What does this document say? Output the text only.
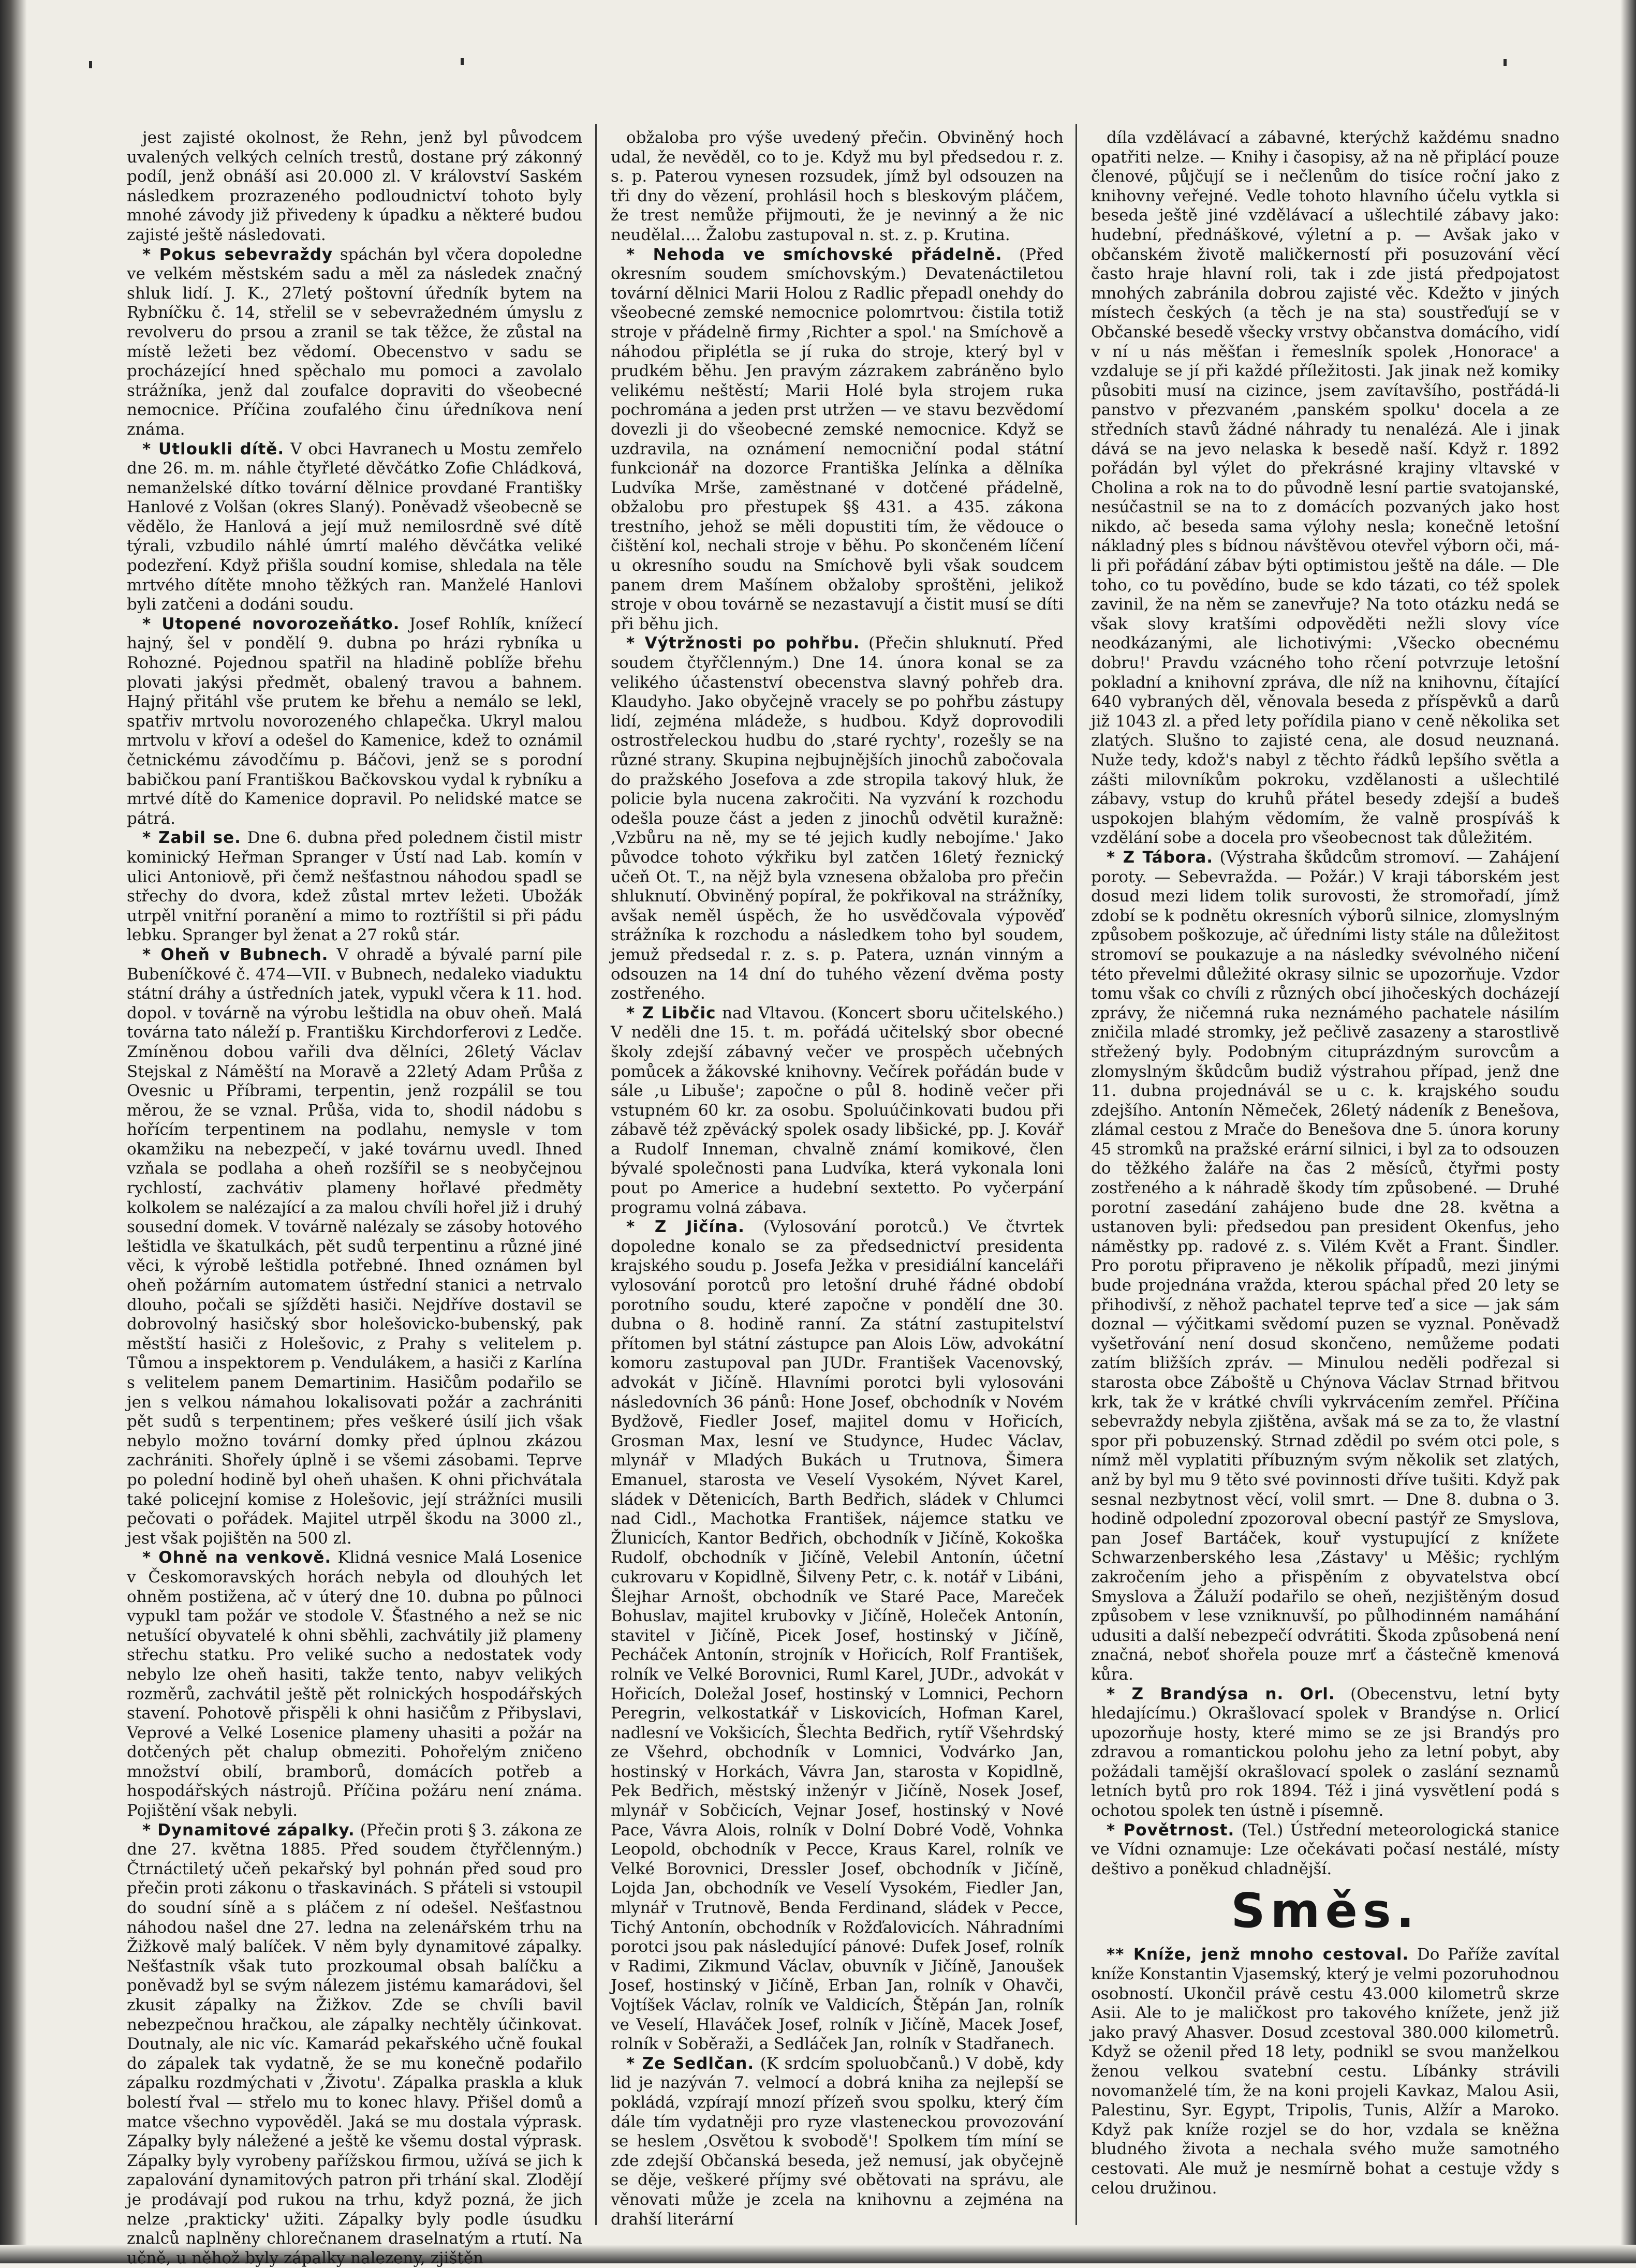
jest zajisté okolnost, že Rehn, jenž byl původcem uvalených velkých celních trestů, dostane prý zákonný podíl, jenž obnáší asi 20.000 zl. V království Saském následkem prozrazeného podloudnictví tohoto byly mnohé závody již přivedeny k úpadku a některé budou zajisté ještě následovati.

* Pokus sebevraždy spáchán byl včera dopoledne ve velkém městském sadu a měl za následek značný shluk lidí. J. K., 27letý poštovní úředník bytem na Rybníčku č. 14, střelil se v sebevražedném úmyslu z revolveru do prsou a zranil se tak těžce, že zůstal na místě ležeti bez vědomí. Obecenstvo v sadu se procházející hned spěchalo mu pomoci a zavolalo strážníka, jenž dal zoufalce dopraviti do všeobecné nemocnice. Příčina zoufalého činu úředníkova není známa.

* Utloukli dítě. V obci Havranech u Mostu zemřelo dne 26. m. m. náhle čtyřleté děvčátko Zofie Chládková, nemanželské dítko tovární dělnice provdané Františky Hanlové z Volšan (okres Slaný). Poněvadž všeobecně se vědělo, že Hanlová a její muž nemilosrdně své dítě týrali, vzbudilo náhlé úmrtí malého děvčátka veliké podezření. Když přišla soudní komise, shledala na těle mrtvého dítěte mnoho těžkých ran. Manželé Hanlovi byli zatčeni a dodáni soudu.

* Utopené novorozeňátko. Josef Rohlík, knížecí hajný, šel v pondělí 9. dubna po hrázi rybníka u Rohozné. Pojednou spatřil na hladině poblíže břehu plovati jakýsi předmět, obalený travou a bahnem. Hajný přitáhl vše prutem ke břehu a nemálo se lekl, spatřiv mrtvolu novorozeného chlapečka. Ukryl malou mrtvolu v křoví a odešel do Kamenice, kdež to oznámil četnickému závodčímu p. Báčovi, jenž se s porodní babičkou paní Františkou Bačkovskou vydal k rybníku a mrtvé dítě do Kamenice dopravil. Po nelidské matce se pátrá.

* Zabil se. Dne 6. dubna před polednem čistil mistr kominický Heřman Spranger v Ústí nad Lab. komín v ulici Antoniově, při čemž nešťastnou náhodou spadl se střechy do dvora, kdež zůstal mrtev ležeti. Ubožák utrpěl vnitřní poranění a mimo to roztříštil si při pádu lebku. Spranger byl ženat a 27 roků stár.

* Oheň v Bubnech. V ohradě a bývalé parní pile Bubeníčkové č. 474—VII. v Bubnech, nedaleko viaduktu státní dráhy a ústředních jatek, vypukl včera k 11. hod. dopol. v továrně na výrobu leštidla na obuv oheň. Malá továrna tato náleží p. Františku Kirchdorferovi z Ledče. Zmíněnou dobou vařili dva dělníci, 26letý Václav Stejskal z Náměští na Moravě a 22letý Adam Průša z Ovesnic u Příbrami, terpentin, jenž rozpálil se tou měrou, že se vznal. Průša, vida to, shodil nádobu s hořícím terpentinem na podlahu, nemysle v tom okamžiku na nebezpečí, v jaké továrnu uvedl. Ihned vzňala se podlaha a oheň rozšířil se s neobyčejnou rychlostí, zachvátiv plameny hořlavé předměty kolkolem se nalézající a za malou chvíli hořel již i druhý sousední domek. V továrně nalézaly se zásoby hotového leštidla ve škatulkách, pět sudů terpentinu a různé jiné věci, k výrobě leštidla potřebné. Ihned oznámen byl oheň požárním automatem ústřední stanici a netrvalo dlouho, počali se sjížděti hasiči. Nejdříve dostavil se dobrovolný hasičský sbor holešovicko-bubenský, pak městští hasiči z Holešovic, z Prahy s velitelem p. Tůmou a inspektorem p. Vendulákem, a hasiči z Karlína s velitelem panem Demartinim. Hasičům podařilo se jen s velkou námahou lokalisovati požár a zachrániti pět sudů s terpentinem; přes veškeré úsilí jich však nebylo možno tovární domky před úplnou zkázou zachrániti. Shořely úplně i se všemi zásobami. Teprve po polední hodině byl oheň uhašen. K ohni přichvátala také policejní komise z Holešovic, její strážníci musili pečovati o pořádek. Majitel utrpěl škodu na 3000 zl., jest však pojištěn na 500 zl.

* Ohně na venkově. Klidná vesnice Malá Losenice v Českomoravských horách nebyla od dlouhých let ohněm postižena, ač v úterý dne 10. dubna po půlnoci vypukl tam požár ve stodole V. Šťastného a než se nic netušící obyvatelé k ohni sběhli, zachvátily již plameny střechu statku. Pro veliké sucho a nedostatek vody nebylo lze oheň hasiti, takže tento, nabyv velikých rozměrů, zachvátil ještě pět rolnických hospodářských stavení. Pohotově přispěli k ohni hasičům z Přibyslavi, Veprové a Velké Losenice plameny uhasiti a požár na dotčených pět chalup obmeziti. Pohořelým zničeno množství obilí, bramborů, domácích potřeb a hospodářských nástrojů. Příčina požáru není známa. Pojištění však nebyli.

* Dynamitové zápalky. (Přečin proti § 3. zákona ze dne 27. května 1885. Před soudem čtyřčlenným.) Čtrnáctiletý učeň pekařský byl pohnán před soud pro přečin proti zákonu o třaskavinách. S přáteli si vstoupil do soudní síně a s pláčem z ní odešel. Nešťastnou náhodou našel dne 27. ledna na zelenářském trhu na Žižkově malý balíček. V něm byly dynamitové zápalky. Nešťastník však tuto prozkoumal obsah balíčku a poněvadž byl se svým nálezem jistému kamarádovi, šel zkusit zápalky na Žižkov. Zde se chvíli bavil nebezpečnou hračkou, ale zápalky nechtěly účinkovat. Doutnaly, ale nic víc. Kamarád pekařského učně foukal do zápalek tak vydatně, že se mu konečně podařilo zápalku rozdmýchati v ,Životu'. Zápalka praskla a kluk bolestí řval — střelo mu to konec hlavy. Přišel domů a matce všechno vypověděl. Jaká se mu dostala výprask. Zápalky byly náležené a ještě ke všemu dostal výprask. Zápalky byly vyrobeny pařížskou firmou, užívá se jich k zapalování dynamitových patron při trhání skal. Zlodějí je prodávají pod rukou na trhu, když pozná, že jich nelze ,prakticky' užiti. Zápalky byly podle úsudku znalců naplněny chlorečnanem draselnatým a rtutí. Na učně, u něhož byly zápalky nalezeny, zjištěn

obžaloba pro výše uvedený přečin. Obviněný hoch udal, že nevěděl, co to je. Když mu byl předsedou r. z. s. p. Paterou vynesen rozsudek, jímž byl odsouzen na tři dny do vězení, prohlásil hoch s bleskovým pláčem, že trest nemůže přijmouti, že je nevinný a že nic neudělal.... Žalobu zastupoval n. st. z. p. Krutina.

* Nehoda ve smíchovské přádelně. (Před okresním soudem smíchovským.) Devatenáctiletou tovární dělnici Marii Holou z Radlic přepadl onehdy do všeobecné zemské nemocnice polomrtvou: čistila totiž stroje v přádelně firmy ,Richter a spol.' na Smíchově a náhodou připlétla se jí ruka do stroje, který byl v prudkém běhu. Jen pravým zázrakem zabráněno bylo velikému neštěstí; Marii Holé byla strojem ruka pochromána a jeden prst utržen — ve stavu bezvědomí dovezli ji do všeobecné zemské nemocnice. Když se uzdravila, na oznámení nemocniční podal státní funkcionář na dozorce Františka Jelínka a dělníka Ludvíka Mrše, zaměstnané v dotčené přádelně, obžalobu pro přestupek §§ 431. a 435. zákona trestního, jehož se měli dopustiti tím, že vědouce o čištění kol, nechali stroje v běhu. Po skončeném líčení u okresního soudu na Smíchově byli však soudcem panem drem Mašínem obžaloby sproštěni, jelikož stroje v obou továrně se nezastavují a čistit musí se díti při běhu jich.

* Výtržnosti po pohřbu. (Přečin shluknutí. Před soudem čtyřčlenným.) Dne 14. února konal se za velikého účastenství obecenstva slavný pohřeb dra. Klaudyho. Jako obyčejně vracely se po pohřbu zástupy lidí, zejména mládeže, s hudbou. Když doprovodili ostrostřeleckou hudbu do ,staré rychty', rozešly se na různé strany. Skupina nejbujnějších jinochů zabočovala do pražského Josefova a zde stropila takový hluk, že policie byla nucena zakročiti. Na vyzvání k rozchodu odešla pouze část a jeden z jinochů odvětil kuražně: ,Vzbůru na ně, my se té jejich kudly nebojíme.' Jako původce tohoto výkřiku byl zatčen 16letý řeznický učeň Ot. T., na nějž byla vznesena obžaloba pro přečin shluknutí. Obviněný popíral, že pokřikoval na strážníky, avšak neměl úspěch, že ho usvědčovala výpověď strážníka k rozchodu a následkem toho byl soudem, jemuž předsedal r. z. s. p. Patera, uznán vinným a odsouzen na 14 dní do tuhého vězení dvěma posty zostřeného.

* Z Libčic nad Vltavou. (Koncert sboru učitelského.) V neděli dne 15. t. m. pořádá učitelský sbor obecné školy zdejší zábavný večer ve prospěch učebných pomůcek a žákovské knihovny. Večírek pořádán bude v sále ,u Libuše'; započne o půl 8. hodině večer při vstupném 60 kr. za osobu. Spoluúčinkovati budou při zábavě též zpěvácký spolek osady libšické, pp. J. Kovář a Rudolf Inneman, chvalně známí komikové, člen bývalé společnosti pana Ludvíka, která vykonala loni pout po Americe a hudební sextetto. Po vyčerpání programu volná zábava.

* Z Jičína. (Vylosování porotců.) Ve čtvrtek dopoledne konalo se za předsednictví presidenta krajského soudu p. Josefa Ježka v presidiální kanceláři vylosování porotců pro letošní druhé řádné období porotního soudu, které započne v pondělí dne 30. dubna o 8. hodině ranní. Za státní zastupitelství přítomen byl státní zástupce pan Alois Löw, advokátní komoru zastupoval pan JUDr. František Vacenovský, advokát v Jičíně. Hlavními porotci byli vylosováni následovních 36 pánů: Hone Josef, obchodník v Novém Bydžově, Fiedler Josef, majitel domu v Hořicích, Grosman Max, lesní ve Studynce, Hudec Václav, mlynář v Mladých Bukách u Trutnova, Šimera Emanuel, starosta ve Veselí Vysokém, Nývet Karel, sládek v Dětenicích, Barth Bedřich, sládek v Chlumci nad Cidl., Machotka František, nájemce statku ve Žlunicích, Kantor Bedřich, obchodník v Jičíně, Kokoška Rudolf, obchodník v Jičíně, Velebil Antonín, účetní cukrovaru v Kopidlně, Šilveny Petr, c. k. notář v Libáni, Šlejhar Arnošt, obchodník ve Staré Pace, Mareček Bohuslav, majitel krubovky v Jičíně, Holeček Antonín, stavitel v Jičíně, Picek Josef, hostinský v Jičíně, Pecháček Antonín, strojník v Hořicích, Rolf František, rolník ve Velké Borovnici, Ruml Karel, JUDr., advokát v Hořicích, Doležal Josef, hostinský v Lomnici, Pechorn Peregrin, velkostatkář v Liskovicích, Hofman Karel, nadlesní ve Vokšicích, Šlechta Bedřich, rytíř Všehrdský ze Všehrd, obchodník v Lomnici, Vodvárko Jan, hostinský v Horkách, Vávra Jan, starosta v Kopidlně, Pek Bedřich, městský inženýr v Jičíně, Nosek Josef, mlynář v Sobčicích, Vejnar Josef, hostinský v Nové Pace, Vávra Alois, rolník v Dolní Dobré Vodě, Vohnka Leopold, obchodník v Pecce, Kraus Karel, rolník ve Velké Borovnici, Dressler Josef, obchodník v Jičíně, Lojda Jan, obchodník ve Veselí Vysokém, Fiedler Jan, mlynář v Trutnově, Benda Ferdinand, sládek v Pecce, Tichý Antonín, obchodník v Rožďalovicích. Náhradními porotci jsou pak následující pánové: Dufek Josef, rolník v Radimi, Zikmund Václav, obuvník v Jičíně, Janoušek Josef, hostinský v Jičíně, Erban Jan, rolník v Ohavči, Vojtíšek Václav, rolník ve Valdicích, Štěpán Jan, rolník ve Veselí, Hlaváček Josef, rolník v Jičíně, Macek Josef, rolník v Soběraži, a Sedláček Jan, rolník v Stadřanech.

* Ze Sedlčan. (K srdcím spoluobčanů.) V době, kdy lid je nazýván 7. velmocí a dobrá kniha za nejlepší se pokládá, vzpírají mnozí přízeň svou spolku, který čím dále tím vydatněji pro ryze vlasteneckou provozování se heslem ,Osvětou k svobodě'! Spolkem tím míní se zde zdejší Občanská beseda, jež nemusí, jak obyčejně se děje, veškeré příjmy své obětovati na správu, ale věnovati může je zcela na knihovnu a zejména na drahší literární

díla vzdělávací a zábavné, kterýchž každému snadno opatřiti nelze. — Knihy i časopisy, až na ně připlácí pouze členové, půjčují se i nečlenům do tisíce roční jako z knihovny veřejné. Vedle tohoto hlavního účelu vytkla si beseda ještě jiné vzdělávací a ušlechtilé zábavy jako: hudební, přednáškové, výletní a p. — Avšak jako v občanském životě maličkerností při posuzování věcí často hraje hlavní roli, tak i zde jistá předpojatost mnohých zabránila dobrou zajisté věc. Kdežto v jiných místech českých (a těch je na sta) soustřeďují se v Občanské besedě všecky vrstvy občanstva domácího, vidí v ní u nás měšťan i řemeslník spolek ,Honorace' a vzdaluje se jí při každé příležitosti. Jak jinak než komiky působiti musí na cizince, jsem zavítavšího, postřádá-li panstvo v přezvaném ,panském spolku' docela a ze středních stavů žádné náhrady tu nenalézá. Ale i jinak dává se na jevo nelaska k besedě naší. Když r. 1892 pořádán byl výlet do překrásné krajiny vltavské v Cholina a rok na to do původně lesní partie svatojanské, nesúčastnil se na to z domácích pozvaných jako host nikdo, ač beseda sama výlohy nesla; konečně letošní nákladný ples s bídnou návštěvou otevřel výborn oči, má-li při pořádání zábav býti optimistou ještě na dále. — Dle toho, co tu povědíno, bude se kdo tázati, co též spolek zavinil, že na něm se zanevřuje? Na toto otázku nedá se však slovy kratšími odpověděti nežli slovy více neodkázanými, ale lichotivými: ,Všecko obecnému dobru!' Pravdu vzácného toho rčení potvrzuje letošní pokladní a knihovní zpráva, dle níž na knihovnu, čítající 640 vybraných děl, věnovala beseda z příspěvků a darů již 1043 zl. a před lety pořídila piano v ceně několika set zlatých. Slušno to zajisté cena, ale dosud neuznaná. Nuže tedy, kdož's nabyl z těchto řádků lepšího světla a zášti milovníkům pokroku, vzdělanosti a ušlechtilé zábavy, vstup do kruhů přátel besedy zdejší a budeš uspokojen blahým vědomím, že valně prospíváš k vzdělání sobe a docela pro všeobecnost tak důležitém.

* Z Tábora. (Výstraha škůdcům stromoví. — Zahájení poroty. — Sebevražda. — Požár.) V kraji táborském jest dosud mezi lidem tolik surovosti, že stromořadí, jímž zdobí se k podnětu okresních výborů silnice, zlomyslným způsobem poškozuje, ač úředními listy stále na důležitost stromoví se poukazuje a na následky svévolného ničení této převelmi důležité okrasy silnic se upozorňuje. Vzdor tomu však co chvíli z různých obcí jihočeských docházejí zprávy, že ničemná ruka neznámého pachatele násilím zničila mladé stromky, jež pečlivě zasazeny a starostlivě střežený byly. Podobným cituprázdným surovcům a zlomyslným škůdcům budiž výstrahou případ, jenž dne 11. dubna projednávál se u c. k. krajského soudu zdejšího. Antonín Němeček, 26letý nádeník z Benešova, zlámal cestou z Mrače do Benešova dne 5. února koruny 45 stromků na pražské erární silnici, i byl za to odsouzen do těžkého žaláře na čas 2 měsíců, čtyřmi posty zostřeného a k náhradě škody tím způsobené. — Druhé porotní zasedání zahájeno bude dne 28. května a ustanoven byli: předsedou pan president Okenfus, jeho náměstky pp. radové z. s. Vilém Květ a Frant. Šindler. Pro porotu připraveno je několik případů, mezi jinými bude projednána vražda, kterou spáchal před 20 lety se přihodivší, z něhož pachatel teprve teď a sice — jak sám doznal — výčitkami svědomí puzen se vyznal. Poněvadž vyšetřování není dosud skončeno, nemůžeme podati zatím bližších zpráv. — Minulou neděli podřezal si starosta obce Záboště u Chýnova Václav Strnad břitvou krk, tak že v krátké chvíli vykrvácením zemřel. Příčina sebevraždy nebyla zjištěna, avšak má se za to, že vlastní spor při pobuzenský. Strnad zdědil po svém otci pole, s nímž měl vyplatiti příbuzným svým několik set zlatých, anž by byl mu 9 těto své povinnosti dříve tušiti. Když pak sesnal nezbytnost věcí, volil smrt. — Dne 8. dubna o 3. hodině odpolední zpozoroval obecní pastýř ze Smyslova, pan Josef Bartáček, kouř vystupující z knížete Schwarzenberského lesa ,Zástavy' u Měšic; rychlým zakročením jeho a přispěním z obyvatelstva obcí Smyslova a Žáluží podařilo se oheň, nezjištěným dosud způsobem v lese vzniknuvší, po půlhodinném namáhání udusiti a další nebezpečí odvrátiti. Škoda způsobená není značná, neboť shořela pouze mrť a částečně kmenová kůra.

* Z Brandýsa n. Orl. (Obecenstvu, letní byty hledajícímu.) Okrašlovací spolek v Brandýse n. Orlicí upozorňuje hosty, které mimo se ze jsi Brandýs pro zdravou a romantickou polohu jeho za letní pobyt, aby požádali tamější okrašlovací spolek o zaslání seznamů letních bytů pro rok 1894. Též i jiná vysvětlení podá s ochotou spolek ten ústně i písemně.

* Povětrnost. (Tel.) Ústřední meteorologická stanice ve Vídni oznamuje: Lze očekávati počasí nestálé, místy deštivo a poněkud chladnější.

Směs.

** Kníže, jenž mnoho cestoval. Do Paříže zavítal kníže Konstantin Vjasemský, který je velmi pozoruhodnou osobností. Ukončil právě cestu 43.000 kilometrů skrze Asii. Ale to je maličkost pro takového knížete, jenž již jako pravý Ahasver. Dosud zcestoval 380.000 kilometrů. Když se oženil před 18 lety, podnikl se svou manželkou ženou velkou svatební cestu. Líbánky strávili novomanželé tím, že na koni projeli Kavkaz, Malou Asii, Palestinu, Syr. Egypt, Tripolis, Tunis, Alžír a Maroko. Když pak kníže rozjel se do hor, vzdala se kněžna bludného života a nechala svého muže samotného cestovati. Ale muž je nesmírně bohat a cestuje vždy s celou družinou.
